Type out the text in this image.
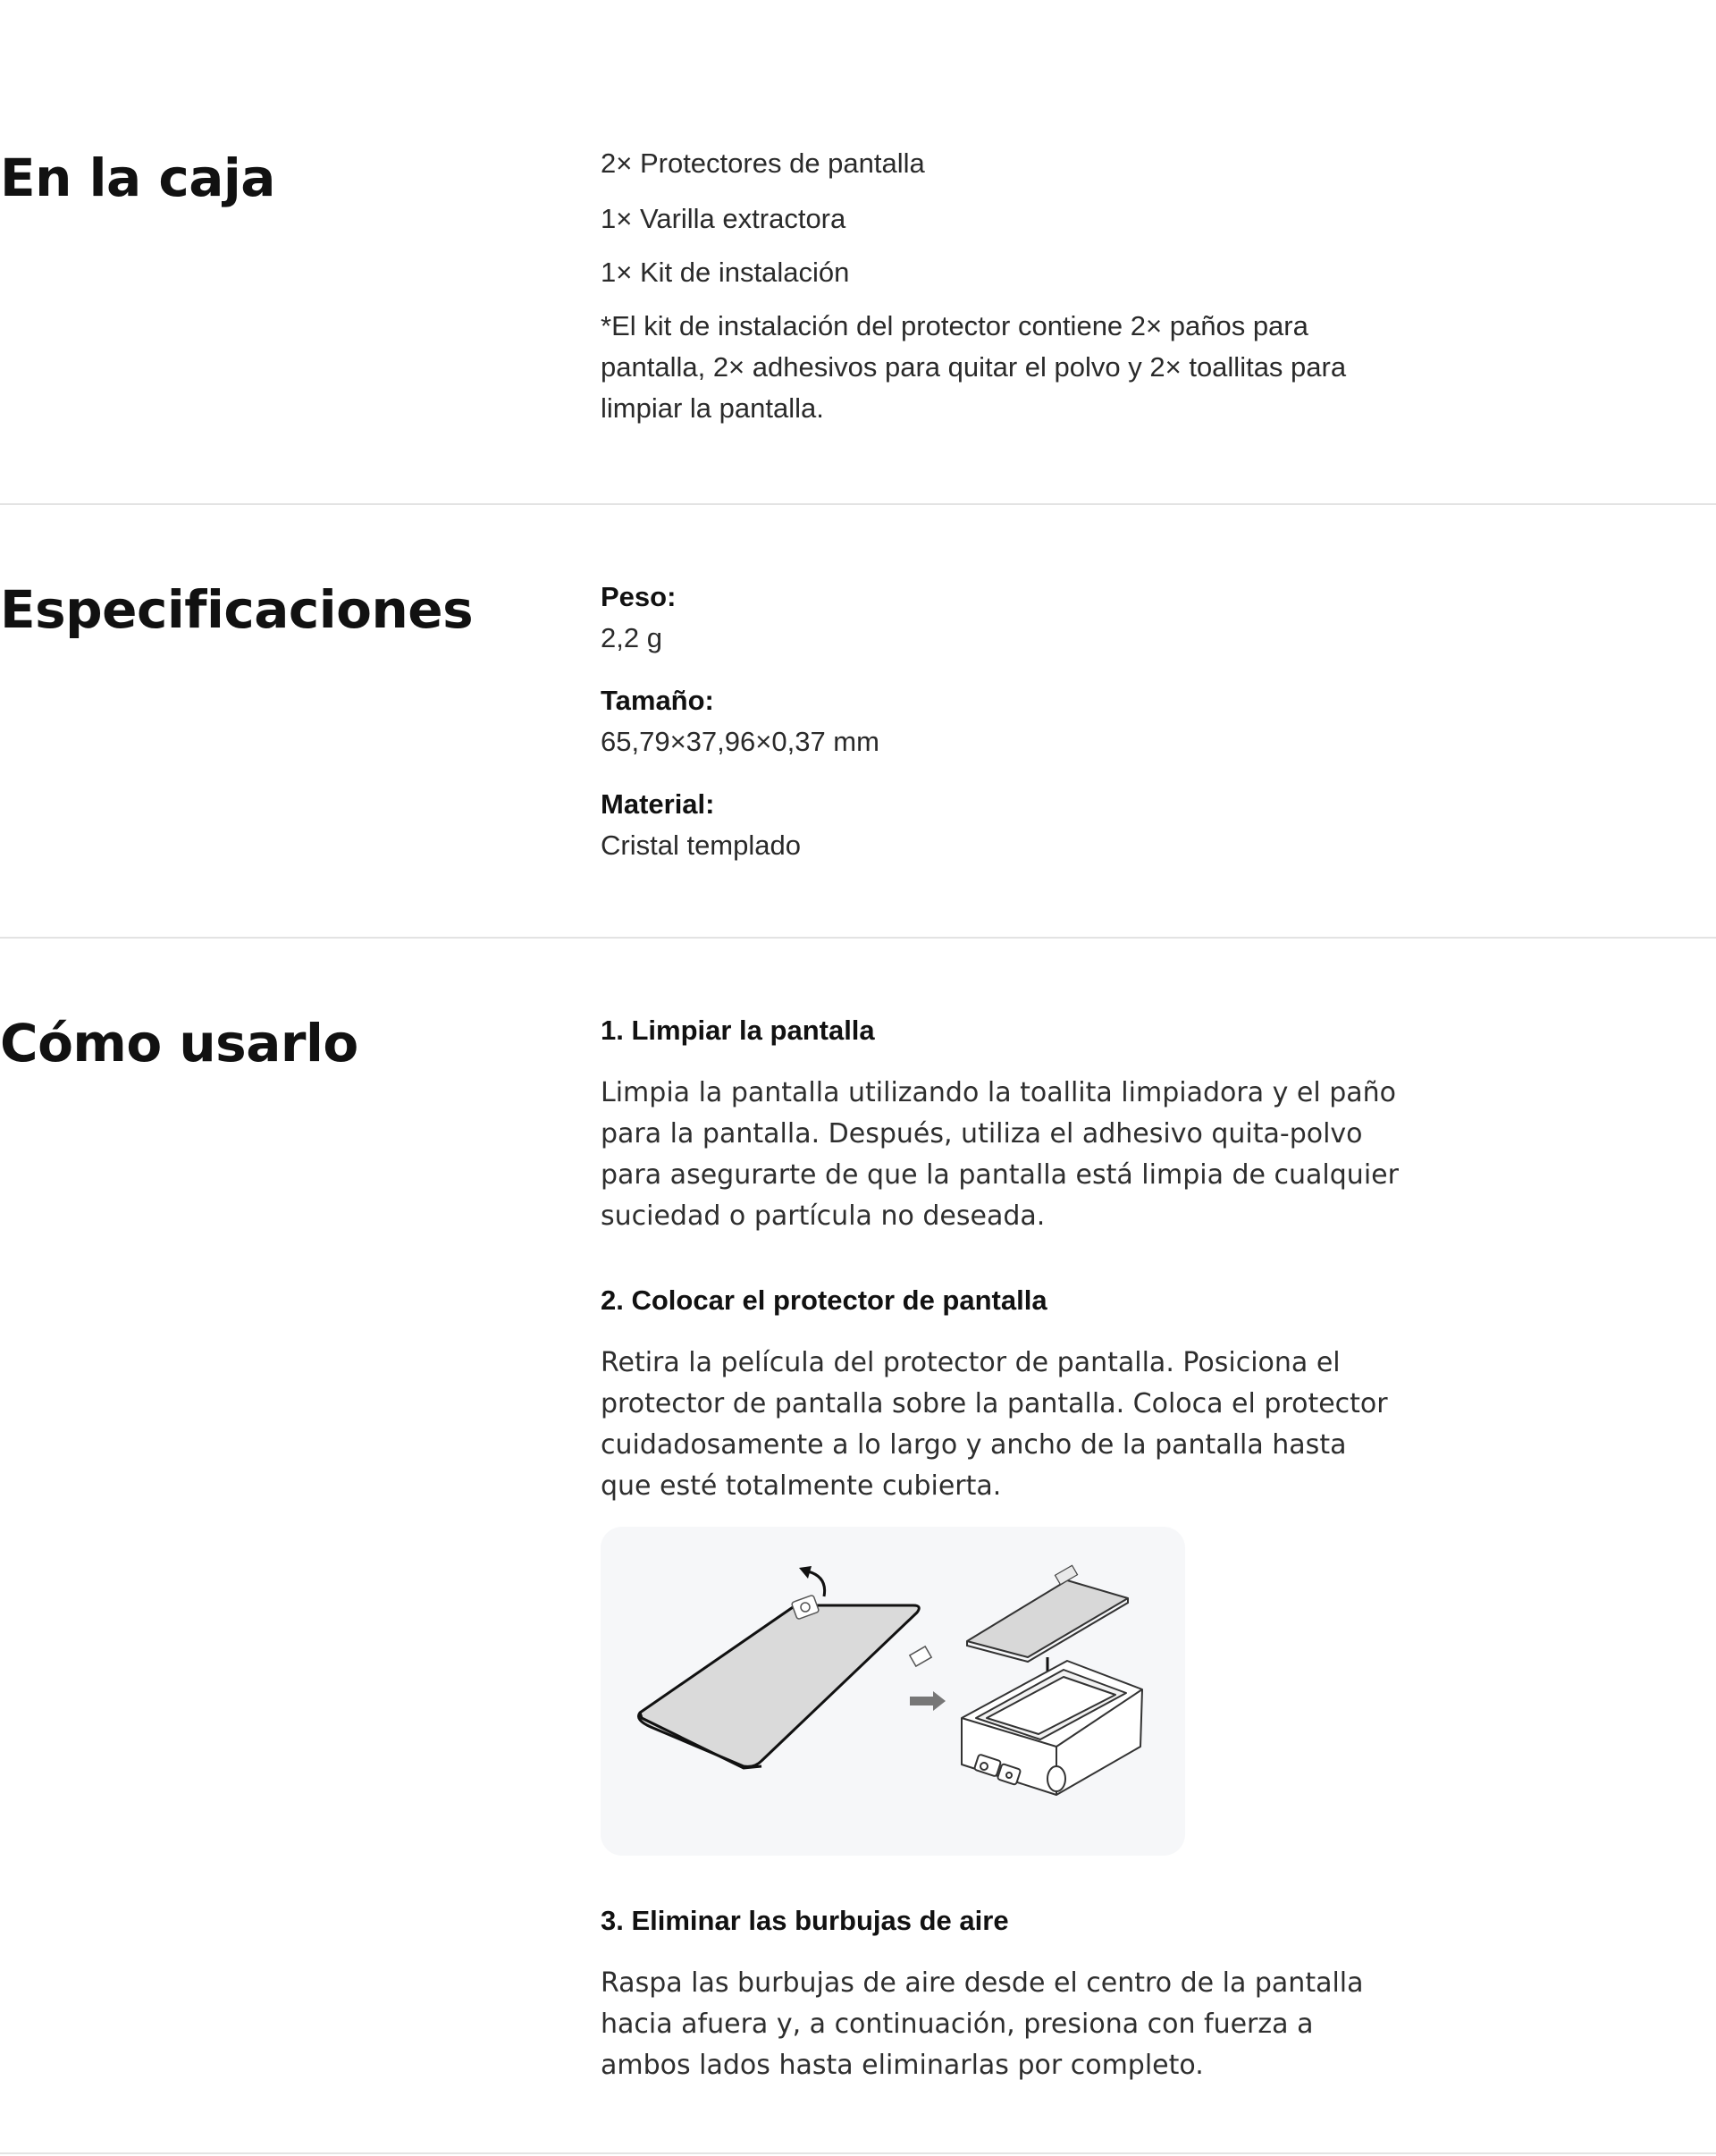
En la caja	2× Protectores de pantalla

1× Varilla extractora

1× Kit de instalación

*El kit de instalación del protector contiene 2× paños para pantalla, 2× adhesivos para quitar el polvo y 2× toallitas para limpiar la pantalla.

Especificaciones	Peso:

2,2 g

Tamaño:

65,79×37,96×0,37 mm

Material:

Cristal templado

Cómo usarlo	1. Limpiar la pantalla

Limpia la pantalla utilizando la toallita limpiadora y el paño para la pantalla. Después, utiliza el adhesivo quita-polvo para asegurarte de que la pantalla está limpia de cualquier suciedad o partícula no deseada.

2. Colocar el protector de pantalla

Retira la película del protector de pantalla. Posiciona el protector de pantalla sobre la pantalla. Coloca el protector cuidadosamente a lo largo y ancho de la pantalla hasta que esté totalmente cubierta.

3. Eliminar las burbujas de aire

Raspa las burbujas de aire desde el centro de la pantalla hacia afuera y, a continuación, presiona con fuerza a ambos lados hasta eliminarlas por completo.
